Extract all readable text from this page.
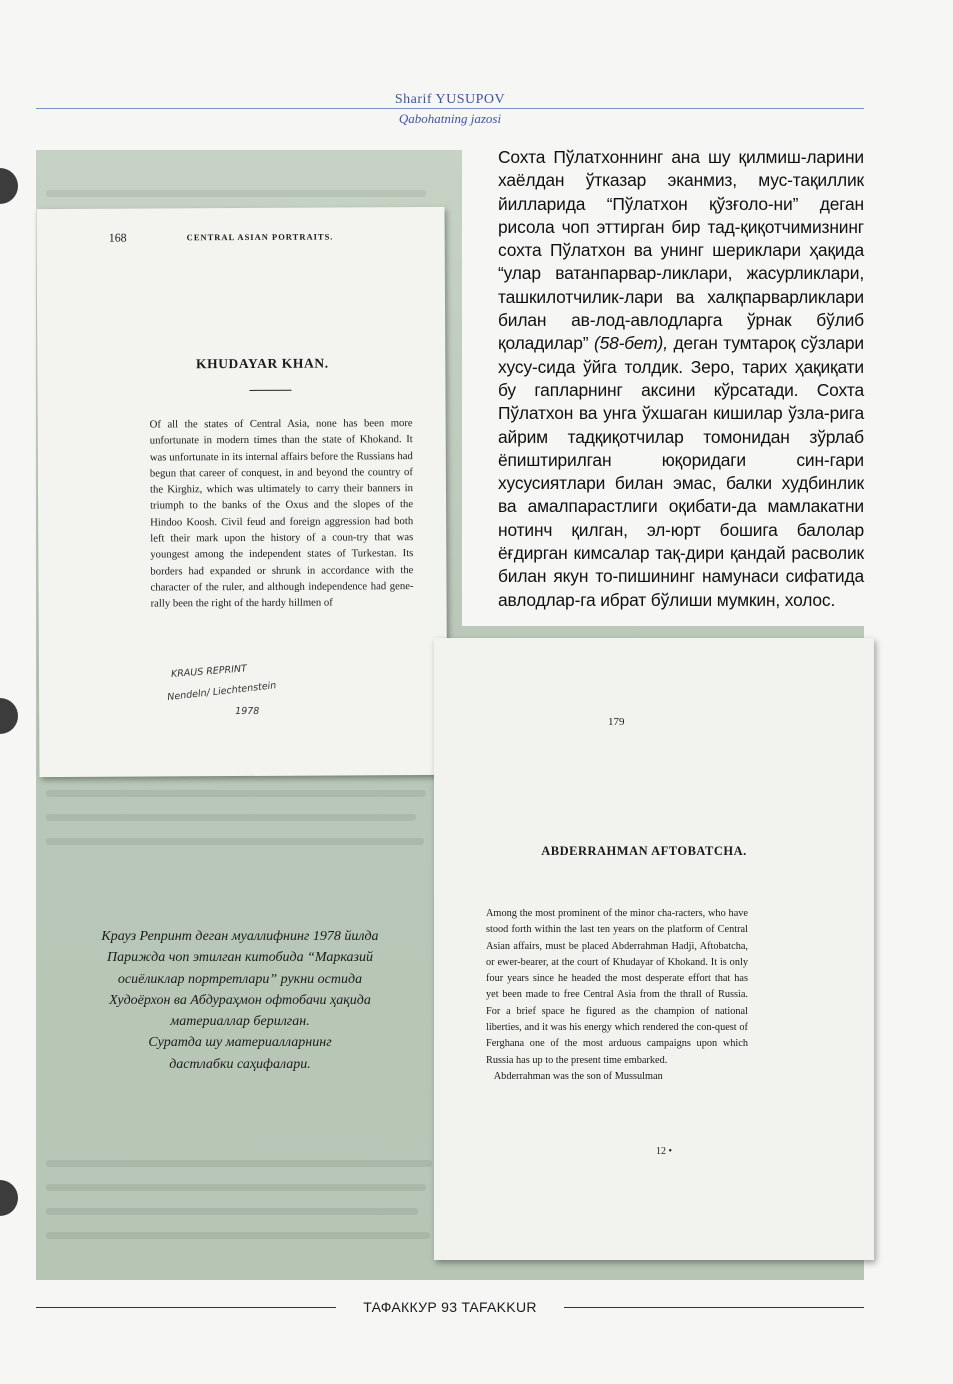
Sharif YUSUPOV
Qabohatning jazosi

Сохта Пўлатхоннинг ана шу қилмиш-ларини хаёлдан ўтказар эканмиз, мус-тақиллик йилларида “Пўлатхон қўзғоло-ни” деган рисола чоп эттирган бир тад-қиқотчимизнинг сохта Пўлатхон ва унинг шериклари ҳақида “улар ватанпарвар-ликлари, жасурликлари, ташкилотчилик-лари ва халқпарварликлари билан ав-лод-авлодларга ўрнак бўлиб қоладилар” (58-бет), деган тумтароқ сўзлари хусу-сида ўйга толдик. Зеро, тарих ҳақиқати бу гапларнинг аксини кўрсатади. Сохта Пўлатхон ва унга ўхшаган кишилар ўзла-рига айрим тадқиқотчилар томонидан зўрлаб ёпиштирилган юқоридаги син-гари хусусиятлари билан эмас, балки худбинлик ва амалпарастлиги оқибати-да мамлакатни нотинч қилган, эл-юрт бошига балолар ёғдирган кимсалар тақ-дири қандай расволик билан якун то-пишининг намунаси сифатида авлодлар-га ибрат бўлиши мумкин, холос.

168	CENTRAL ASIAN PORTRAITS.
KHUDAYAR KHAN.

Of all the states of Central Asia, none has been more unfortunate in modern times than the state of Khokand. It was unfortunate in its internal affairs before the Russians had begun that career of conquest, in and beyond the country of the Kirghiz, which was ultimately to carry their banners in triumph to the banks of the Oxus and the slopes of the Hindoo Koosh. Civil feud and foreign aggression had both left their mark upon the history of a coun-try that was youngest among the independent states of Turkestan. Its borders had expanded or shrunk in accordance with the character of the ruler, and although independence had gene-rally been the right of the hardy hillmen of

KRAUS REPRINT
Nendeln/ Liechtenstein
1978
179
ABDERRAHMAN AFTOBATCHA.

Among the most prominent of the minor cha-racters, who have stood forth within the last ten years on the platform of Central Asian affairs, must be placed Abderrahman Hadji, Aftobatcha, or ewer-bearer, at the court of Khudayar of Khokand. It is only four years since he headed the most desperate effort that has yet been made to free Central Asia from the thrall of Russia. For a brief space he figured as the champion of national liberties, and it was his energy which rendered the con-quest of Ferghana one of the most arduous campaigns upon which Russia has up to the present time embarked.
Abderrahman was the son of Mussulman

12 •

Крауз Репринт деган муаллифнинг 1978 йилда
Парижда чоп этилган китобида “Марказий
осиёликлар портретлари” рукни остида
Худоёрхон ва Абдураҳмон офтобачи ҳақида
материаллар берилган.
Суратда шу материалларнинг
дастлабки саҳифалари.

ТАФАККУР 93 TAFAKKUR
